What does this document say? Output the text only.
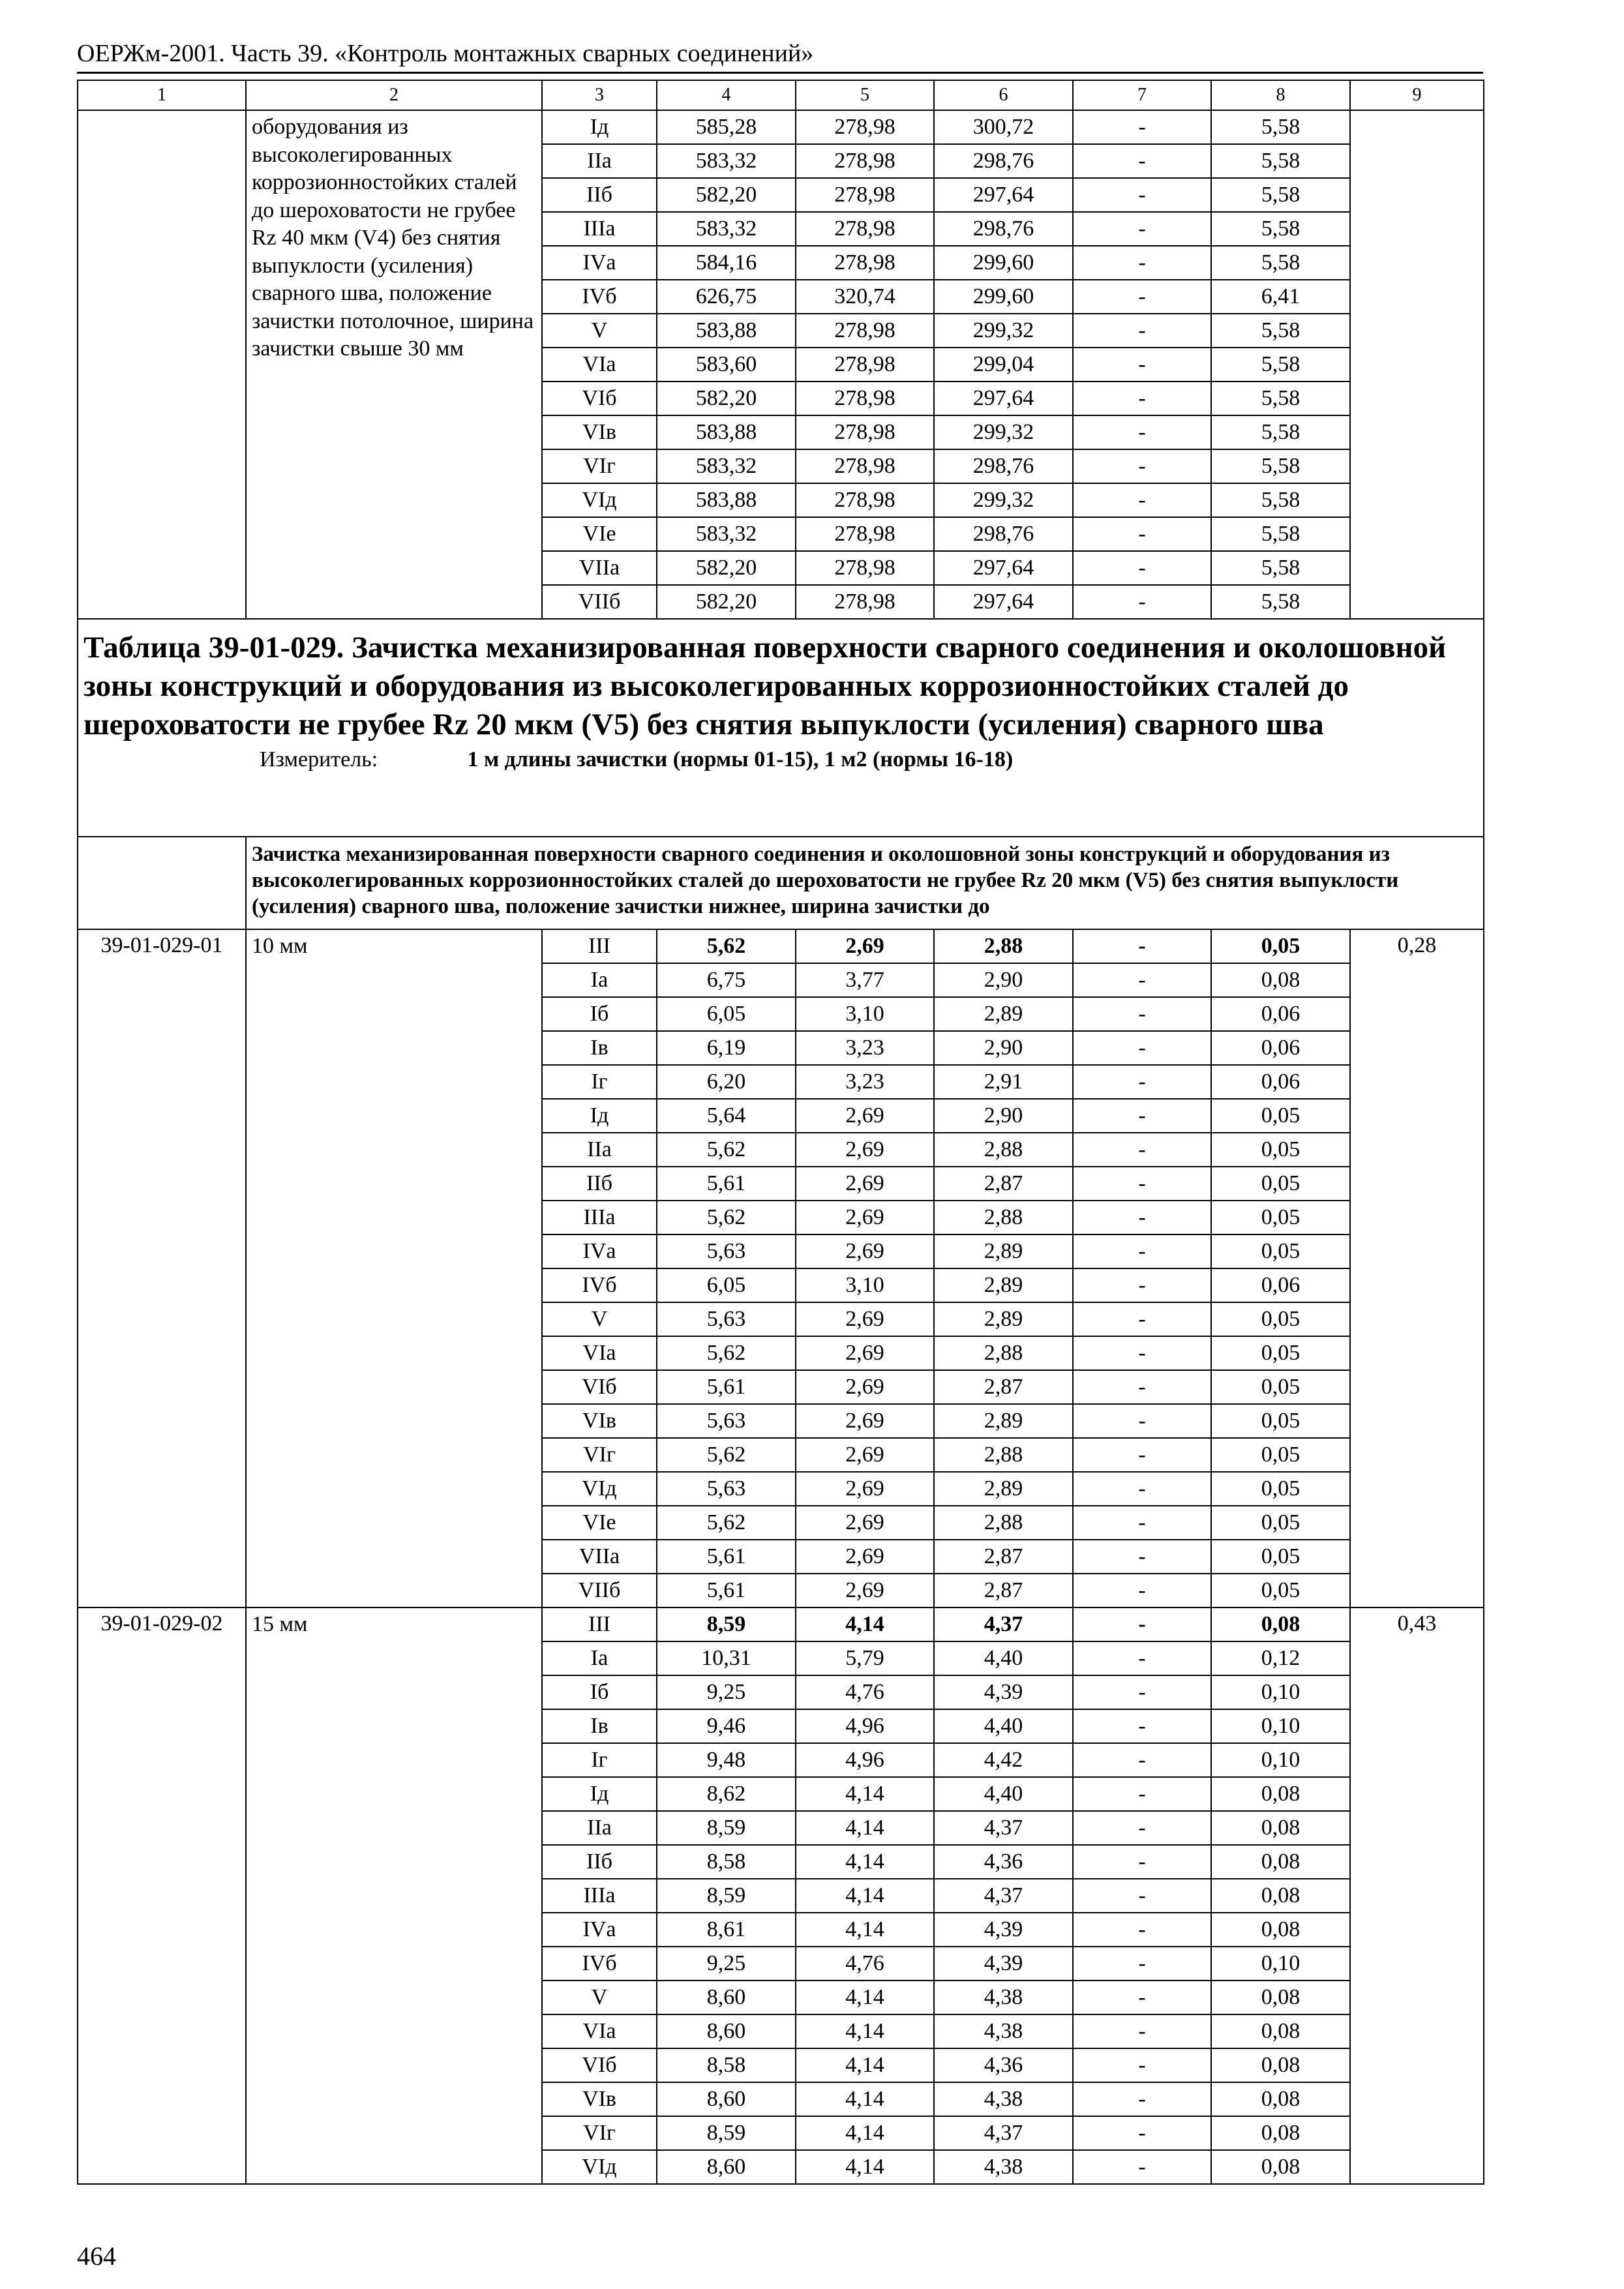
ОЕРЖм-2001. Часть 39. «Контроль монтажных сварных соединений»
1	2	3	4	5	6	7	8	9
	оборудования из высоколегированных коррозионностойких сталей до шероховатости не грубее Rz 40 мкм (V4) без снятия выпуклости (усиления) сварного шва, положение зачистки потолочное, ширина зачистки свыше 30 мм	Iд	585,28	278,98	300,72	-	5,58	
		IIа	583,32	278,98	298,76	-	5,58	
		IIб	582,20	278,98	297,64	-	5,58	
		IIIа	583,32	278,98	298,76	-	5,58	
		IVа	584,16	278,98	299,60	-	5,58	
		IVб	626,75	320,74	299,60	-	6,41	
		V	583,88	278,98	299,32	-	5,58	
		VIа	583,60	278,98	299,04	-	5,58	
		VIб	582,20	278,98	297,64	-	5,58	
		VIв	583,88	278,98	299,32	-	5,58	
		VIг	583,32	278,98	298,76	-	5,58	
		VIд	583,88	278,98	299,32	-	5,58	
		VIе	583,32	278,98	298,76	-	5,58	
		VIIа	582,20	278,98	297,64	-	5,58	
		VIIб	582,20	278,98	297,64	-	5,58	

Таблица 39-01-029. Зачистка механизированная поверхности сварного соединения и околошовной зоны конструкций и оборудования из высоколегированных коррозионностойких сталей до шероховатости не грубее Rz 20 мкм (V5) без снятия выпуклости (усиления) сварного шва
Измеритель: 1 м длины зачистки (нормы 01-15), 1 м2 (нормы 16-18)								

	Зачистка механизированная поверхности сварного соединения и околошовной зоны конструкций и оборудования из высоколегированных коррозионностойких сталей до шероховатости не грубее Rz 20 мкм (V5) без снятия выпуклости (усиления) сварного шва, положение зачистки нижнее, ширина зачистки до							
39-01-029-01	10 мм	III	5,62	2,69	2,88	-	0,05	0,28
		Iа	6,75	3,77	2,90	-	0,08	
		Iб	6,05	3,10	2,89	-	0,06	
		Iв	6,19	3,23	2,90	-	0,06	
		Iг	6,20	3,23	2,91	-	0,06	
		Iд	5,64	2,69	2,90	-	0,05	
		IIа	5,62	2,69	2,88	-	0,05	
		IIб	5,61	2,69	2,87	-	0,05	
		IIIа	5,62	2,69	2,88	-	0,05	
		IVа	5,63	2,69	2,89	-	0,05	
		IVб	6,05	3,10	2,89	-	0,06	
		V	5,63	2,69	2,89	-	0,05	
		VIа	5,62	2,69	2,88	-	0,05	
		VIб	5,61	2,69	2,87	-	0,05	
		VIв	5,63	2,69	2,89	-	0,05	
		VIг	5,62	2,69	2,88	-	0,05	
		VIд	5,63	2,69	2,89	-	0,05	
		VIе	5,62	2,69	2,88	-	0,05	
		VIIа	5,61	2,69	2,87	-	0,05	
		VIIб	5,61	2,69	2,87	-	0,05	
39-01-029-02	15 мм	III	8,59	4,14	4,37	-	0,08	0,43
		Iа	10,31	5,79	4,40	-	0,12	
		Iб	9,25	4,76	4,39	-	0,10	
		Iв	9,46	4,96	4,40	-	0,10	
		Iг	9,48	4,96	4,42	-	0,10	
		Iд	8,62	4,14	4,40	-	0,08	
		IIа	8,59	4,14	4,37	-	0,08	
		IIб	8,58	4,14	4,36	-	0,08	
		IIIа	8,59	4,14	4,37	-	0,08	
		IVа	8,61	4,14	4,39	-	0,08	
		IVб	9,25	4,76	4,39	-	0,10	
		V	8,60	4,14	4,38	-	0,08	
		VIа	8,60	4,14	4,38	-	0,08	
		VIб	8,58	4,14	4,36	-	0,08	
		VIв	8,60	4,14	4,38	-	0,08	
		VIг	8,59	4,14	4,37	-	0,08	
		VIд	8,60	4,14	4,38	-	0,08	
464
